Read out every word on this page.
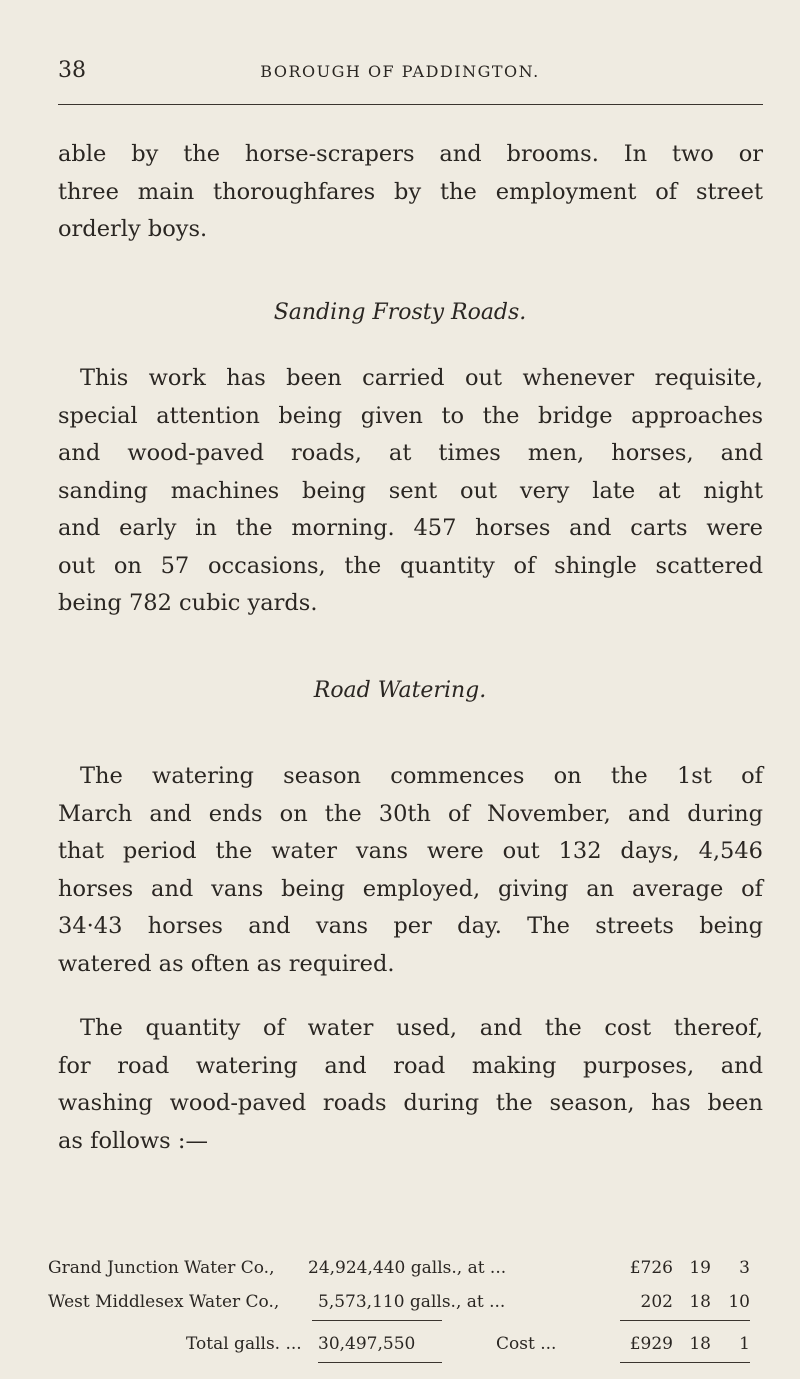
38	BOROUGH OF PADDINGTON.
able by the horse-scrapers and brooms. In two or
three main thoroughfares by the employment of street
orderly boys.
Sanding Frosty Roads.
This work has been carried out whenever requisite,
special attention being given to the bridge approaches
and wood-paved roads, at times men, horses, and
sanding machines being sent out very late at night
and early in the morning. 457 horses and carts were
out on 57 occasions, the quantity of shingle scattered
being 782 cubic yards.
Road Watering.
The watering season commences on the 1st of
March and ends on the 30th of November, and during
that period the water vans were out 132 days, 4,546
horses and vans being employed, giving an average of
34·43 horses and vans per day. The streets being
watered as often as required.
The quantity of water used, and the cost thereof,
for road watering and road making purposes, and
washing wood-paved roads during the season, has been
as follows :—
Grand Junction Water Co., 24,924,440 galls., at ...	£726 19	3
West Middlesex Water Co., 5,573,110 galls., at ...	202 18	10
Total galls. ... 30,497,550	Cost ...	£929 18	1
